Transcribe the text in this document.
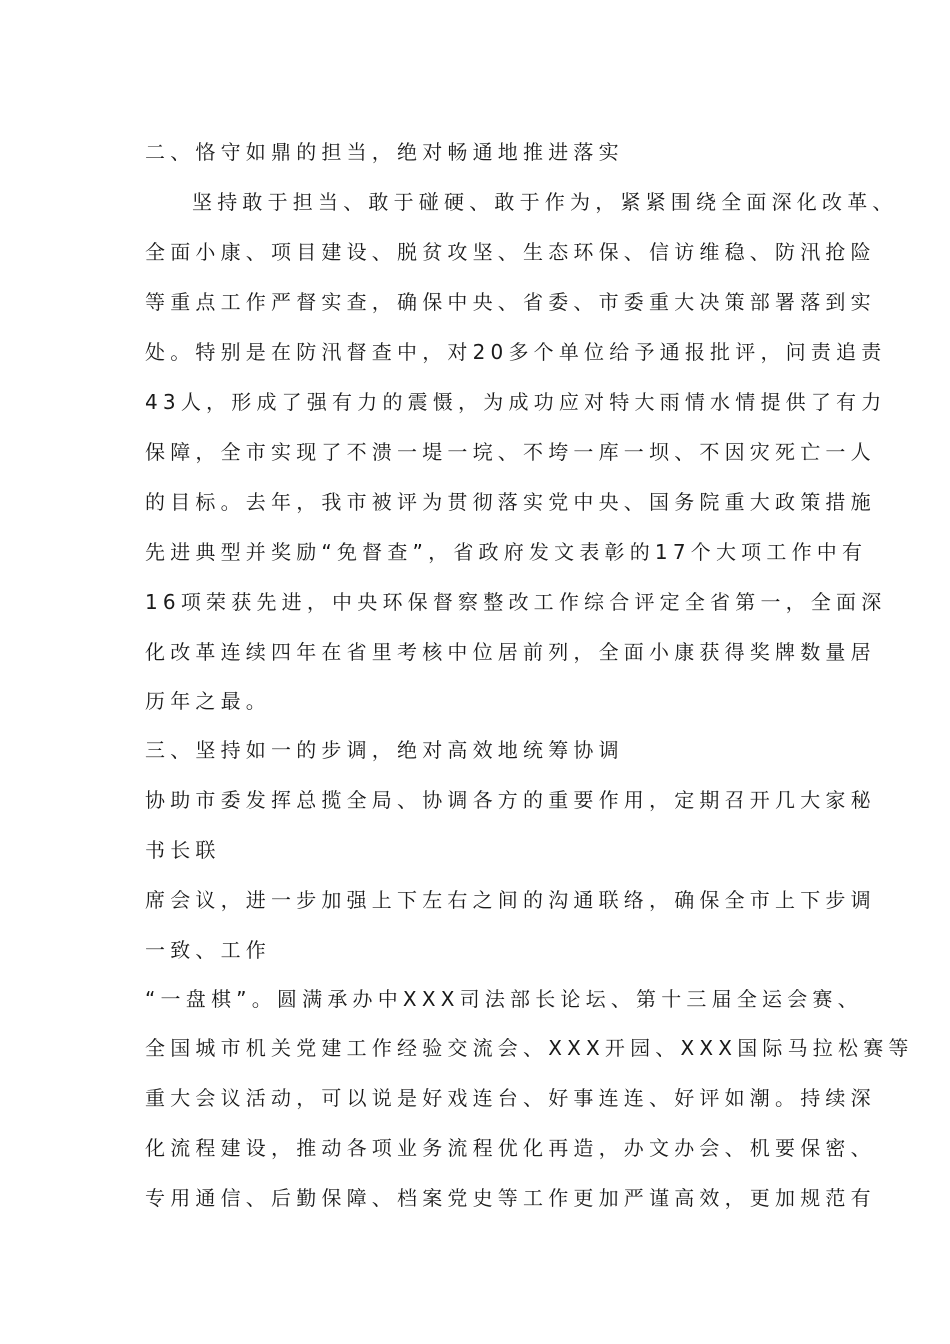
二、恪守如鼎的担当，绝对畅通地推进落实
坚持敢于担当、敢于碰硬、敢于作为，紧紧围绕全面深化改革、
全面小康、项目建设、脱贫攻坚、生态环保、信访维稳、防汛抢险
等重点工作严督实查，确保中央、省委、市委重大决策部署落到实
处。特别是在防汛督查中，对20多个单位给予通报批评，问责追责
43人，形成了强有力的震慑，为成功应对特大雨情水情提供了有力
保障，全市实现了不溃一堤一垸、不垮一库一坝、不因灾死亡一人
的目标。去年，我市被评为贯彻落实党中央、国务院重大政策措施
先进典型并奖励“免督查”，省政府发文表彰的17个大项工作中有
16项荣获先进，中央环保督察整改工作综合评定全省第一，全面深
化改革连续四年在省里考核中位居前列，全面小康获得奖牌数量居
历年之最。
三、坚持如一的步调，绝对高效地统筹协调
协助市委发挥总揽全局、协调各方的重要作用，定期召开几大家秘
书长联
席会议，进一步加强上下左右之间的沟通联络，确保全市上下步调
一致、工作
“一盘棋”。圆满承办中XXX司法部长论坛、第十三届全运会赛、
全国城市机关党建工作经验交流会、XXX开园、XXX国际马拉松赛等
重大会议活动，可以说是好戏连台、好事连连、好评如潮。持续深
化流程建设，推动各项业务流程优化再造，办文办会、机要保密、
专用通信、后勤保障、档案党史等工作更加严谨高效，更加规范有
